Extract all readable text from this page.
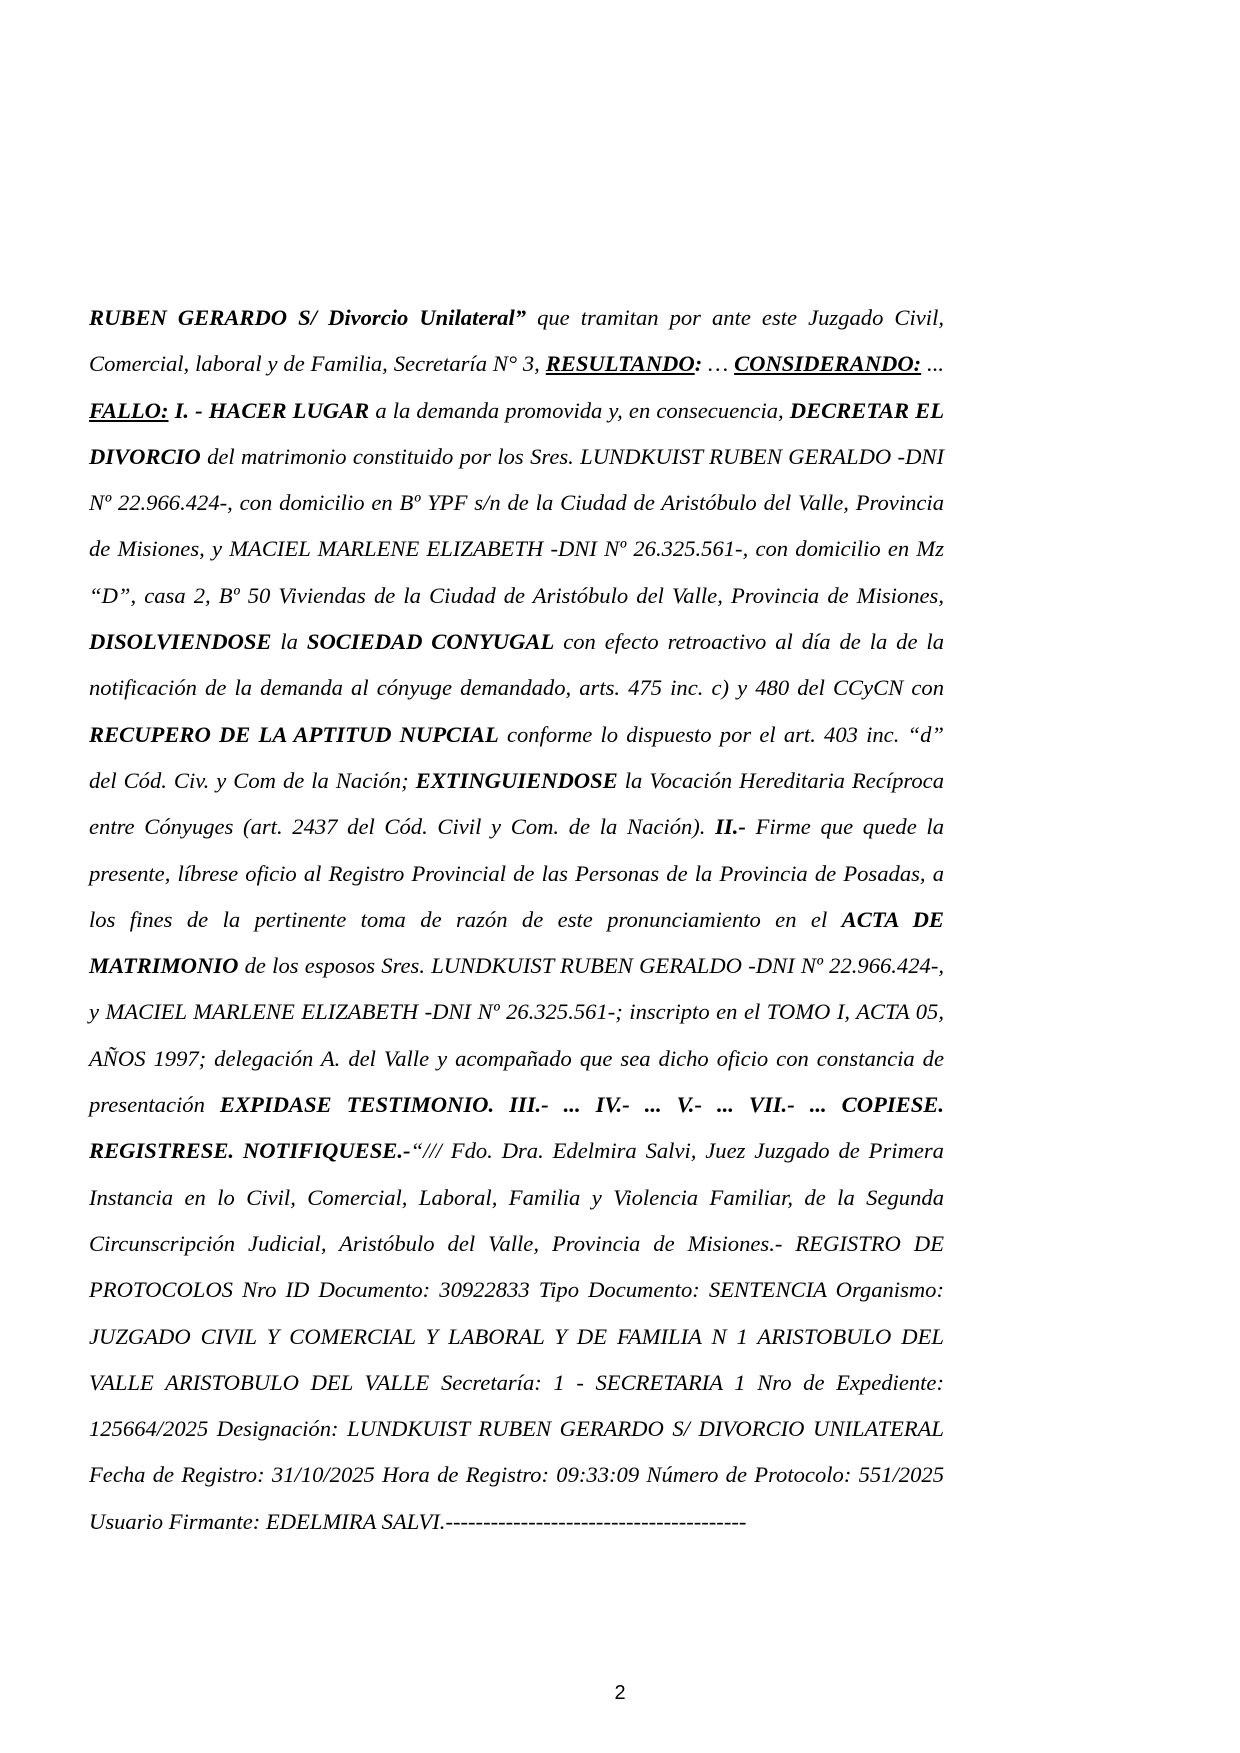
RUBEN GERARDO S/ Divorcio Unilateral” que tramitan por ante este Juzgado Civil, Comercial, laboral y de Familia, Secretaría N° 3, RESULTANDO: … CONSIDERANDO: ... FALLO: I. - HACER LUGAR a la demanda promovida y, en consecuencia, DECRETAR EL DIVORCIO del matrimonio constituido por los Sres. LUNDKUIST RUBEN GERALDO -DNI Nº 22.966.424-, con domicilio en Bº YPF s/n de la Ciudad de Aristóbulo del Valle, Provincia de Misiones, y MACIEL MARLENE ELIZABETH -DNI Nº 26.325.561-, con domicilio en Mz “D”, casa 2, Bº 50 Viviendas de la Ciudad de Aristóbulo del Valle, Provincia de Misiones, DISOLVIENDOSE la SOCIEDAD CONYUGAL con efecto retroactivo al día de la de la notificación de la demanda al cónyuge demandado, arts. 475 inc. c) y 480 del CCyCN con RECUPERO DE LA APTITUD NUPCIAL conforme lo dispuesto por el art. 403 inc. “d” del Cód. Civ. y Com de la Nación; EXTINGUIENDOSE la Vocación Hereditaria Recíproca entre Cónyuges (art. 2437 del Cód. Civil y Com. de la Nación). II.- Firme que quede la presente, líbrese oficio al Registro Provincial de las Personas de la Provincia de Posadas, a los fines de la pertinente toma de razón de este pronunciamiento en el ACTA DE MATRIMONIO de los esposos Sres. LUNDKUIST RUBEN GERALDO -DNI Nº 22.966.424-, y MACIEL MARLENE ELIZABETH -DNI Nº 26.325.561-; inscripto en el TOMO I, ACTA 05, AÑOS 1997; delegación A. del Valle y acompañado que sea dicho oficio con constancia de presentación EXPIDASE TESTIMONIO. III.- ... IV.- ... V.- ... VII.- ... COPIESE. REGISTRESE. NOTIFIQUESE.-“/// Fdo. Dra. Edelmira Salvi, Juez Juzgado de Primera Instancia en lo Civil, Comercial, Laboral, Familia y Violencia Familiar, de la Segunda Circunscripción Judicial, Aristóbulo del Valle, Provincia de Misiones.- REGISTRO DE PROTOCOLOS Nro ID Documento: 30922833 Tipo Documento: SENTENCIA Organismo: JUZGADO CIVIL Y COMERCIAL Y LABORAL Y DE FAMILIA N 1 ARISTOBULO DEL VALLE ARISTOBULO DEL VALLE Secretaría: 1 - SECRETARIA 1 Nro de Expediente: 125664/2025 Designación: LUNDKUIST RUBEN GERARDO S/ DIVORCIO UNILATERAL Fecha de Registro: 31/10/2025 Hora de Registro: 09:33:09 Número de Protocolo: 551/2025 Usuario Firmante: EDELMIRA SALVI.----------------------------------------

2
